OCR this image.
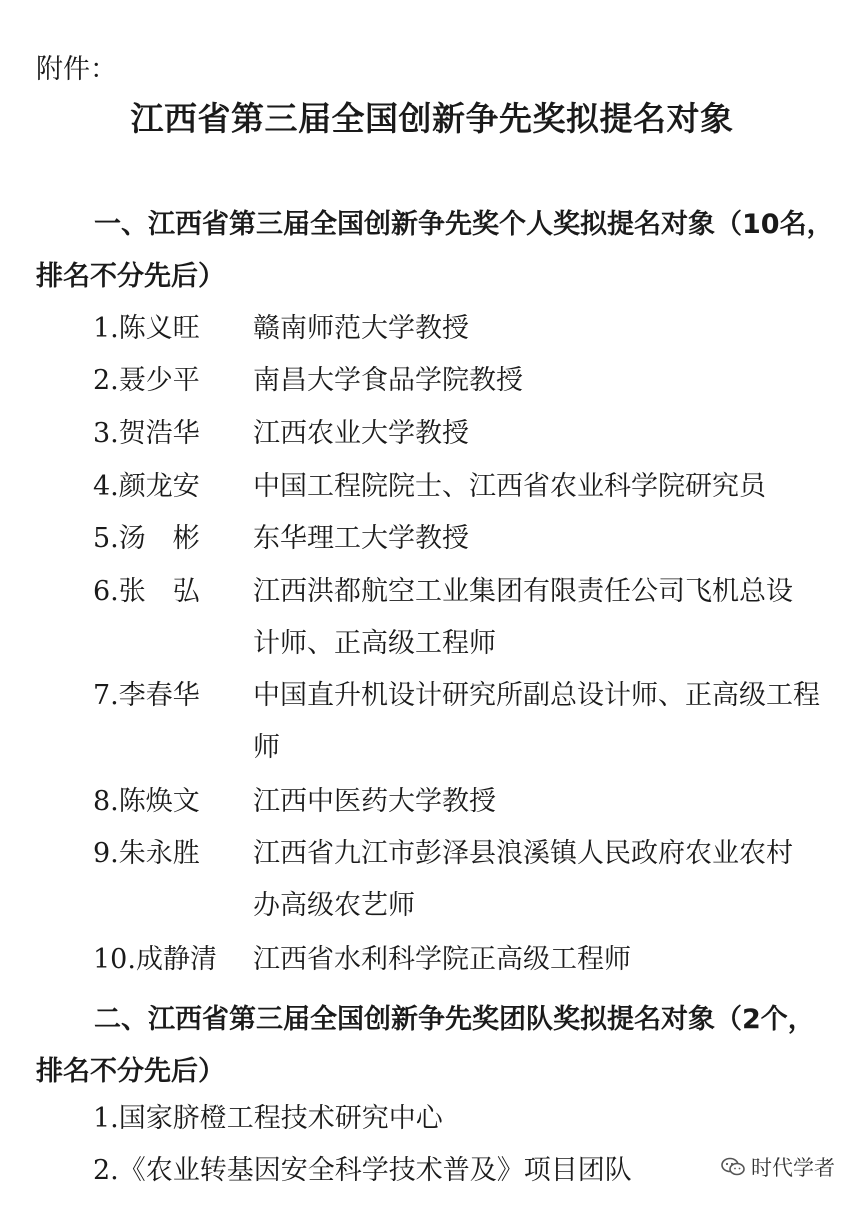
附件：
江西省第三届全国创新争先奖拟提名对象
一、江西省第三届全国创新争先奖个人奖拟提名对象（10名，排名不分先后）
1.陈义旺 赣南师范大学教授
2.聂少平 南昌大学食品学院教授
3.贺浩华 江西农业大学教授
4.颜龙安 中国工程院院士、江西省农业科学院研究员
5.汤　彬 东华理工大学教授
6.张　弘 江西洪都航空工业集团有限责任公司飞机总设计师、正高级工程师
7.李春华 中国直升机设计研究所副总设计师、正高级工程师
8.陈焕文 江西中医药大学教授
9.朱永胜 江西省九江市彭泽县浪溪镇人民政府农业农村办高级农艺师
10.成静清 江西省水利科学院正高级工程师
二、江西省第三届全国创新争先奖团队奖拟提名对象（2个，排名不分先后）
1.国家脐橙工程技术研究中心
2.《农业转基因安全科学技术普及》项目团队	时代学者
